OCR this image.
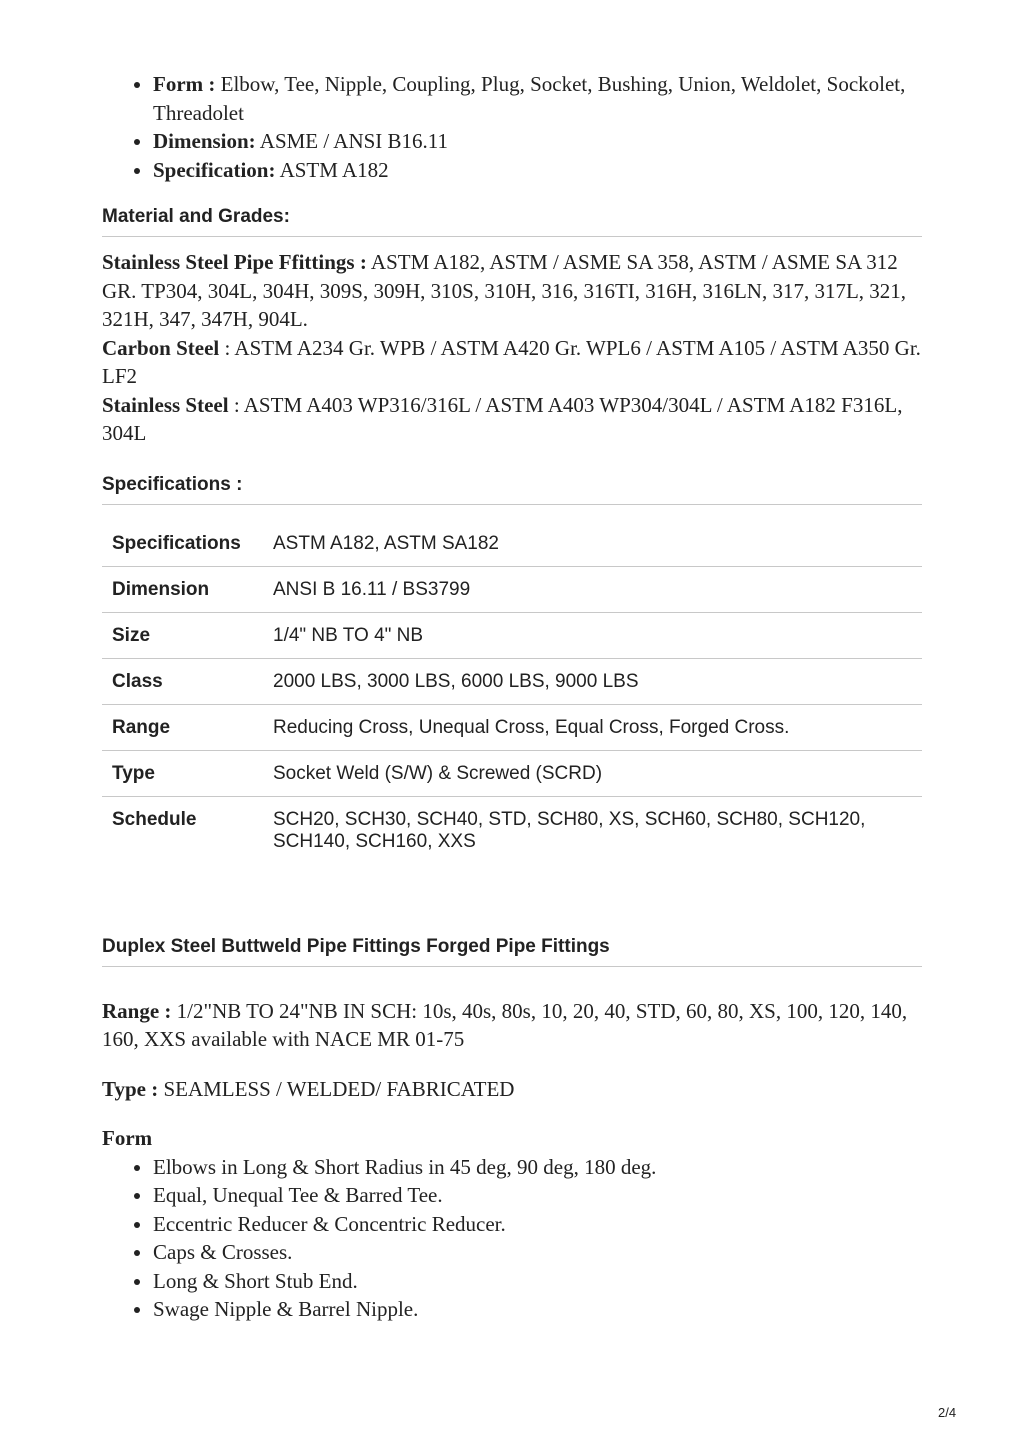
• Form : Elbow, Tee, Nipple, Coupling, Plug, Socket, Bushing, Union, Weldolet, Sockolet, Threadolet
• Dimension: ASME / ANSI B16.11
• Specification: ASTM A182
Material and Grades:
Stainless Steel Pipe Ffittings : ASTM A182, ASTM / ASME SA 358, ASTM / ASME SA 312 GR. TP304, 304L, 304H, 309S, 309H, 310S, 310H, 316, 316TI, 316H, 316LN, 317, 317L, 321, 321H, 347, 347H, 904L.
Carbon Steel : ASTM A234 Gr. WPB / ASTM A420 Gr. WPL6 / ASTM A105 / ASTM A350 Gr. LF2
Stainless Steel : ASTM A403 WP316/316L / ASTM A403 WP304/304L / ASTM A182 F316L, 304L
Specifications :
Specifications	ASTM A182, ASTM SA182
Dimension	ANSI B 16.11 / BS3799
Size	1/4" NB TO 4" NB
Class	2000 LBS, 3000 LBS, 6000 LBS, 9000 LBS
Range	Reducing Cross, Unequal Cross, Equal Cross, Forged Cross.
Type	Socket Weld (S/W) & Screwed (SCRD)
Schedule	SCH20, SCH30, SCH40, STD, SCH80, XS, SCH60, SCH80, SCH120, SCH140, SCH160, XXS
Duplex Steel Buttweld Pipe Fittings Forged Pipe Fittings
Range : 1/2"NB TO 24"NB IN SCH: 10s, 40s, 80s, 10, 20, 40, STD, 60, 80, XS, 100, 120, 140, 160, XXS available with NACE MR 01-75
Type : SEAMLESS / WELDED/ FABRICATED
Form
• Elbows in Long & Short Radius in 45 deg, 90 deg, 180 deg.
• Equal, Unequal Tee & Barred Tee.
• Eccentric Reducer & Concentric Reducer.
• Caps & Crosses.
• Long & Short Stub End.
• Swage Nipple & Barrel Nipple.
2/4
